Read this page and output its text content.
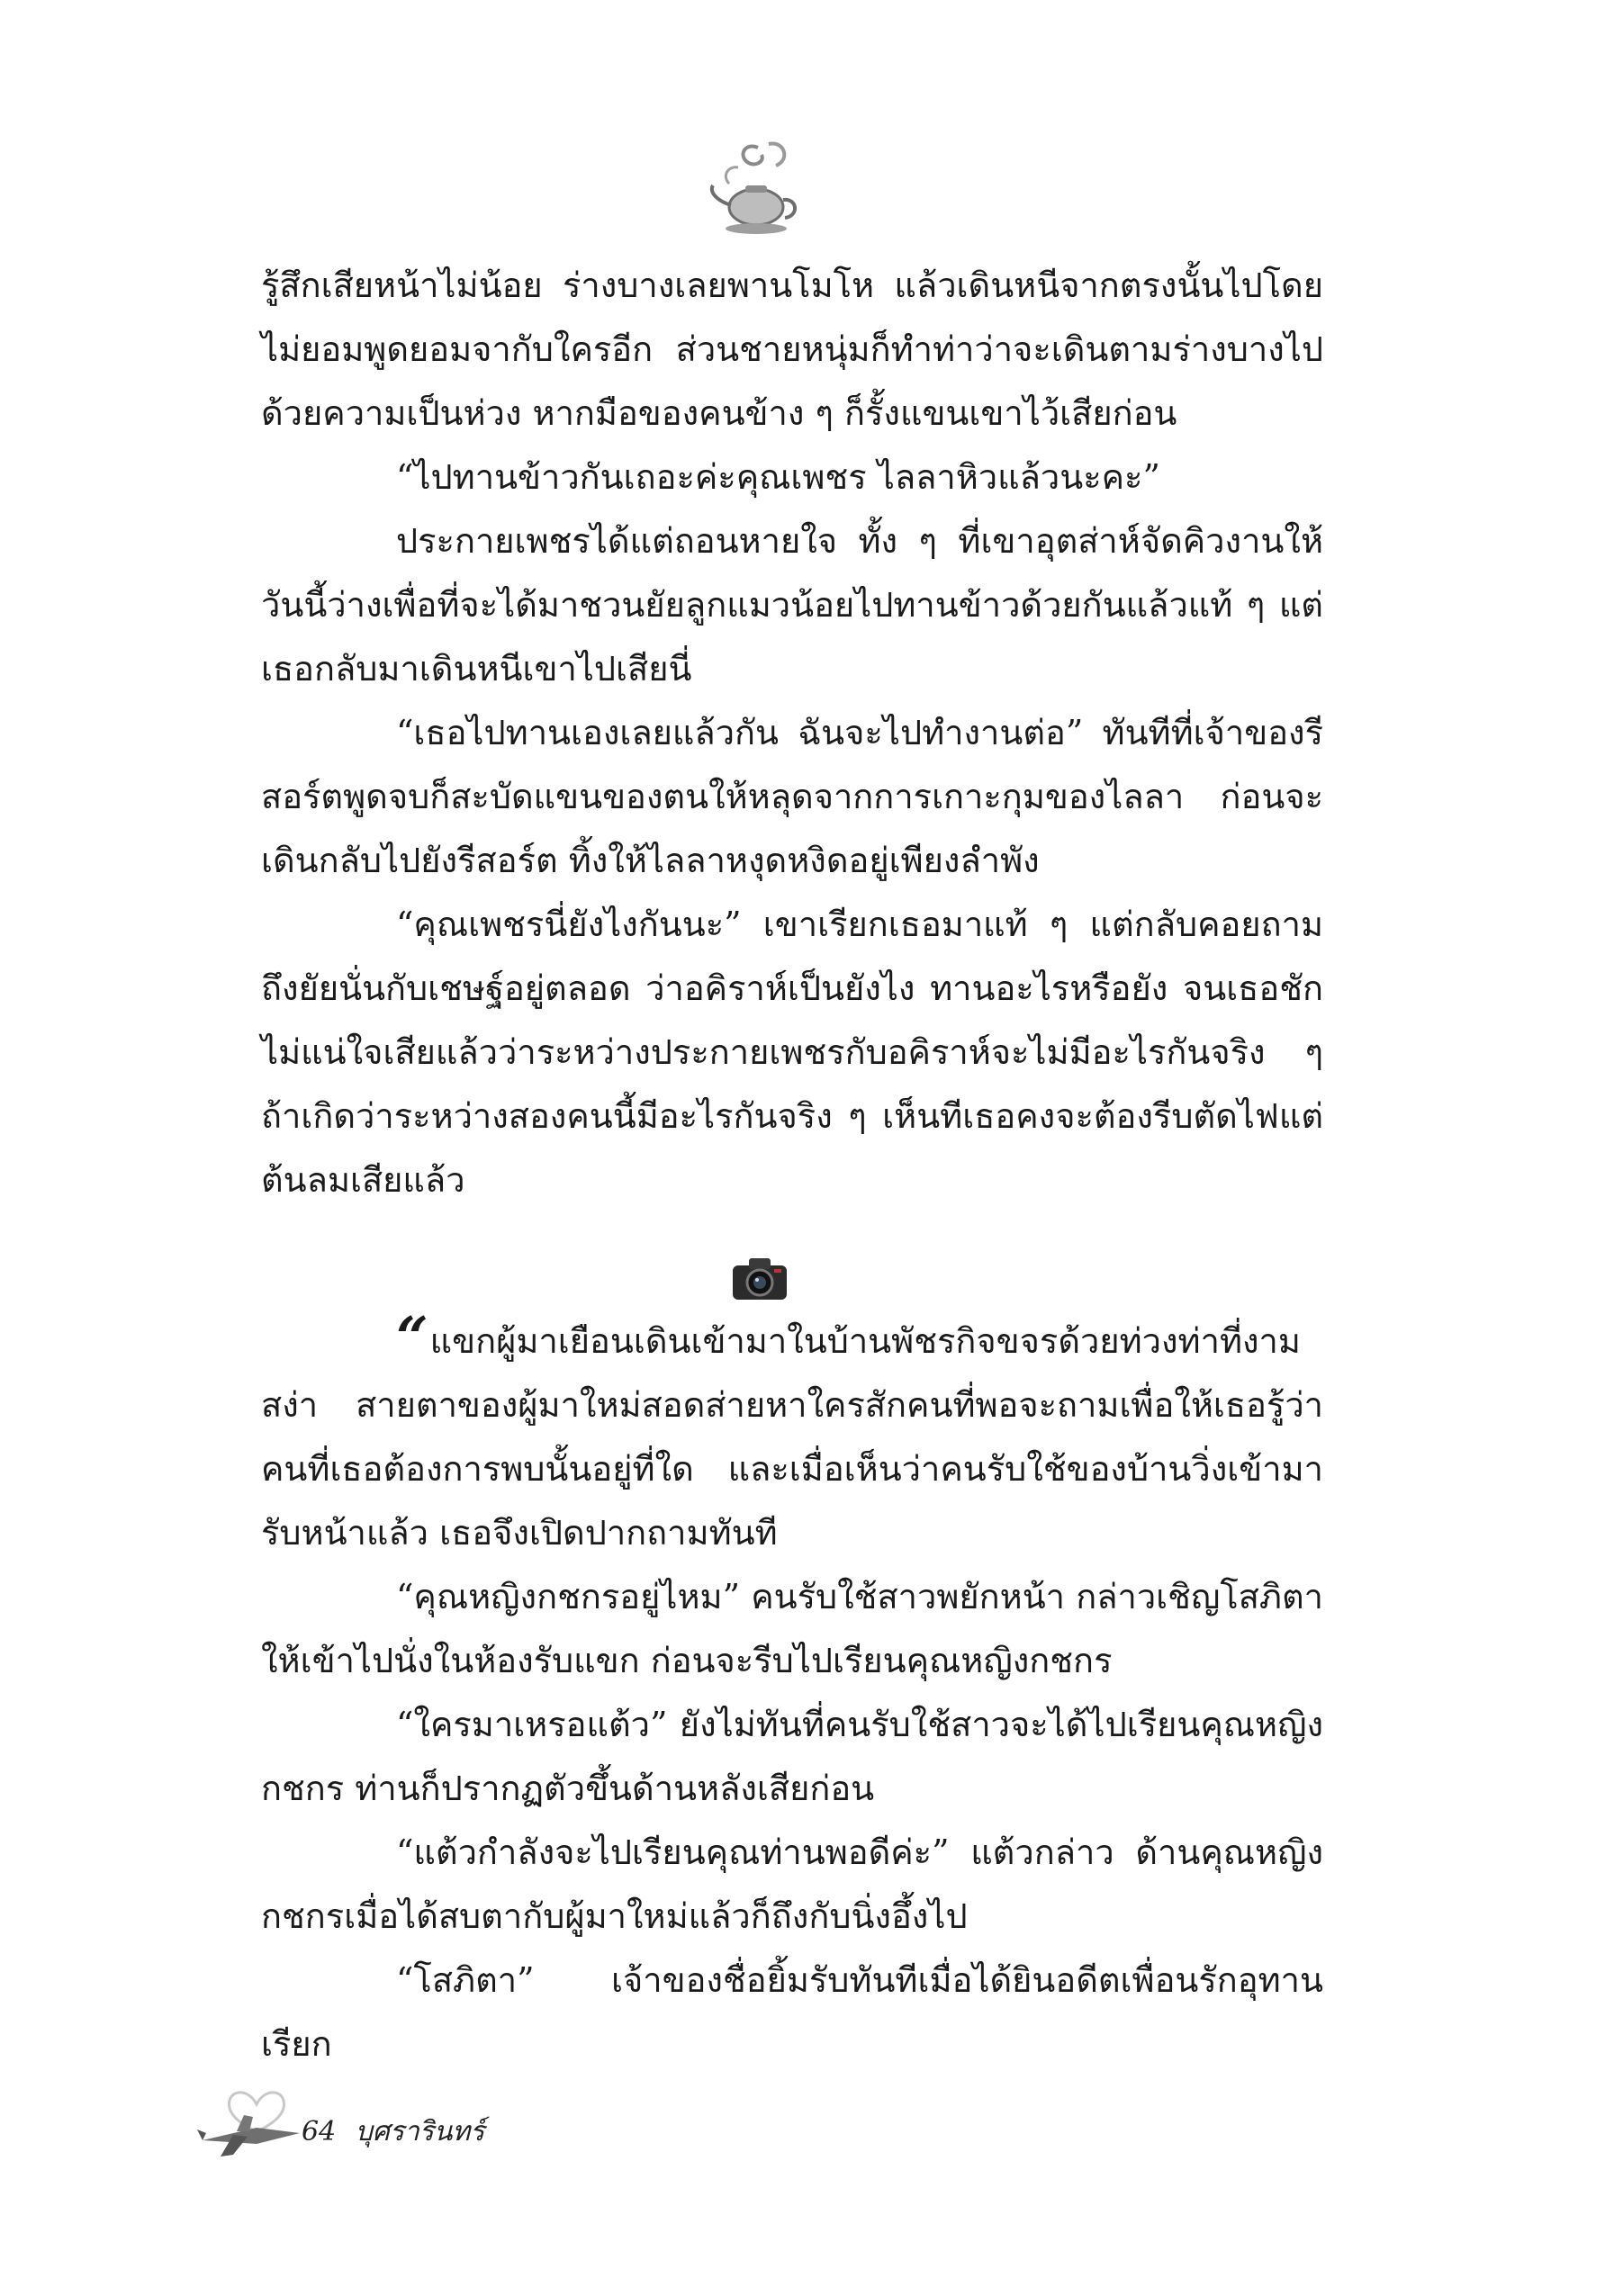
รู้สึกเสียหน้าไม่น้อย ร่างบางเลยพานโมโห แล้วเดินหนีจากตรงนั้นไปโดยไม่ยอมพูดยอมจากับใครอีก ส่วนชายหนุ่มก็ทำท่าว่าจะเดินตามร่างบางไปด้วยความเป็นห่วง หากมือของคนข้าง ๆ ก็รั้งแขนเขาไว้เสียก่อน

“ไปทานข้าวกันเถอะค่ะคุณเพชร ไลลาหิวแล้วนะคะ”

ประกายเพชรได้แต่ถอนหายใจ ทั้ง ๆ ที่เขาอุตส่าห์จัดคิวงานให้วันนี้ว่างเพื่อที่จะได้มาชวนยัยลูกแมวน้อยไปทานข้าวด้วยกันแล้วแท้ ๆ แต่เธอกลับมาเดินหนีเขาไปเสียนี่

“เธอไปทานเองเลยแล้วกัน ฉันจะไปทำงานต่อ” ทันทีที่เจ้าของรีสอร์ตพูดจบก็สะบัดแขนของตนให้หลุดจากการเกาะกุมของไลลา ก่อนจะเดินกลับไปยังรีสอร์ต ทิ้งให้ไลลาหงุดหงิดอยู่เพียงลำพัง

“คุณเพชรนี่ยังไงกันนะ” เขาเรียกเธอมาแท้ ๆ แต่กลับคอยถามถึงยัยนั่นกับเชษฐ์อยู่ตลอด ว่าอคิราห์เป็นยังไง ทานอะไรหรือยัง จนเธอชักไม่แน่ใจเสียแล้วว่าระหว่างประกายเพชรกับอคิราห์จะไม่มีอะไรกันจริง ๆ ถ้าเกิดว่าระหว่างสองคนนี้มีอะไรกันจริง ๆ เห็นทีเธอคงจะต้องรีบตัดไฟแต่ต้นลมเสียแล้ว

“แขกผู้มาเยือนเดินเข้ามาในบ้านพัชรกิจขจรด้วยท่วงท่าที่งามสง่า สายตาของผู้มาใหม่สอดส่ายหาใครสักคนที่พอจะถามเพื่อให้เธอรู้ว่าคนที่เธอต้องการพบนั้นอยู่ที่ใด และเมื่อเห็นว่าคนรับใช้ของบ้านวิ่งเข้ามารับหน้าแล้ว เธอจึงเปิดปากถามทันที

“คุณหญิงกชกรอยู่ไหม” คนรับใช้สาวพยักหน้า กล่าวเชิญโสภิตาให้เข้าไปนั่งในห้องรับแขก ก่อนจะรีบไปเรียนคุณหญิงกชกร

“ใครมาเหรอแต้ว” ยังไม่ทันที่คนรับใช้สาวจะได้ไปเรียนคุณหญิงกชกร ท่านก็ปรากฏตัวขึ้นด้านหลังเสียก่อน

“แต้วกำลังจะไปเรียนคุณท่านพอดีค่ะ” แต้วกล่าว ด้านคุณหญิงกชกรเมื่อได้สบตากับผู้มาใหม่แล้วก็ถึงกับนิ่งอึ้งไป

“โสภิตา” เจ้าของชื่อยิ้มรับทันทีเมื่อได้ยินอดีตเพื่อนรักอุทานเรียก

64 บุศรารินทร์
